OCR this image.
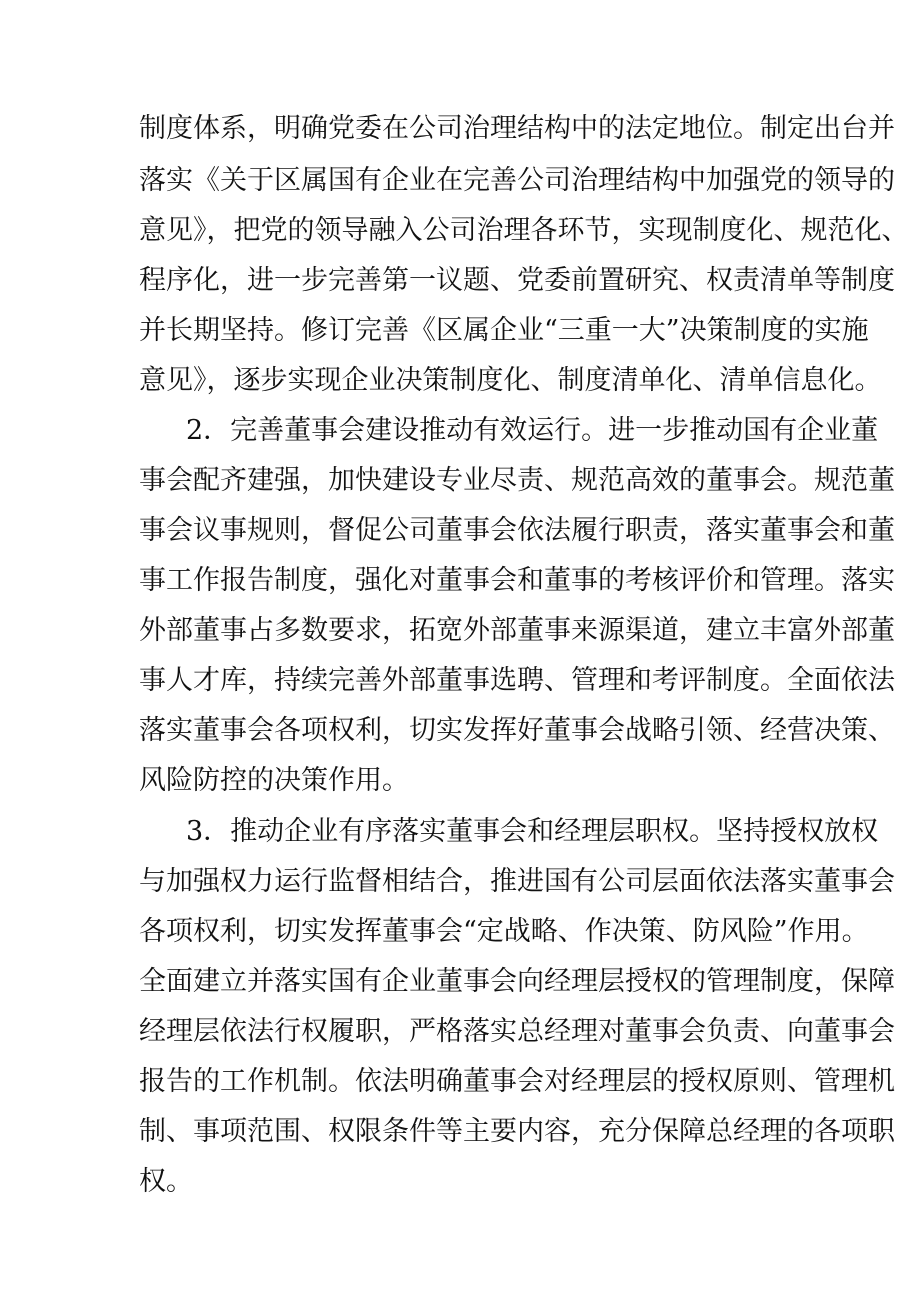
制度体系，明确党委在公司治理结构中的法定地位。制定出台并
落实《关于区属国有企业在完善公司治理结构中加强党的领导的
意见》，把党的领导融入公司治理各环节，实现制度化、规范化、
程序化，进一步完善第一议题、党委前置研究、权责清单等制度
并长期坚持。修订完善《区属企业“三重一大”决策制度的实施
意见》，逐步实现企业决策制度化、制度清单化、清单信息化。
2．完善董事会建设推动有效运行。进一步推动国有企业董
事会配齐建强，加快建设专业尽责、规范高效的董事会。规范董
事会议事规则，督促公司董事会依法履行职责，落实董事会和董
事工作报告制度，强化对董事会和董事的考核评价和管理。落实
外部董事占多数要求，拓宽外部董事来源渠道，建立丰富外部董
事人才库，持续完善外部董事选聘、管理和考评制度。全面依法
落实董事会各项权利，切实发挥好董事会战略引领、经营决策、
风险防控的决策作用。
3．推动企业有序落实董事会和经理层职权。坚持授权放权
与加强权力运行监督相结合，推进国有公司层面依法落实董事会
各项权利，切实发挥董事会“定战略、作决策、防风险”作用。
全面建立并落实国有企业董事会向经理层授权的管理制度，保障
经理层依法行权履职，严格落实总经理对董事会负责、向董事会
报告的工作机制。依法明确董事会对经理层的授权原则、管理机
制、事项范围、权限条件等主要内容，充分保障总经理的各项职
权。
